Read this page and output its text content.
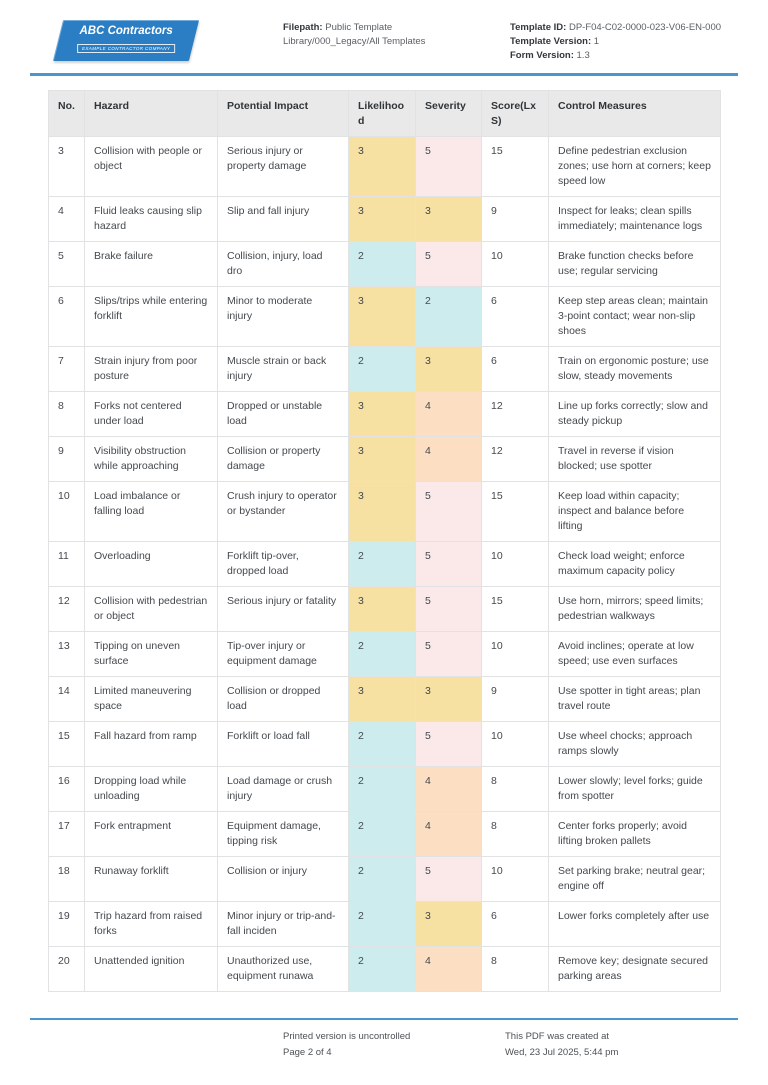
ABC Contractors
EXAMPLE CONTRACTOR COMPANY
Filepath: Public Template Library/000_Legacy/All Templates
Template ID: DP-F04-C02-0000-023-V06-EN-000
Template Version: 1
Form Version: 1.3
No.	Hazard	Potential Impact	Likelihood	Severity	Score(LxS)	Control Measures
3	Collision with people or object	Serious injury or property damage	3	5	15	Define pedestrian exclusion zones; use horn at corners; keep speed low
4	Fluid leaks causing slip hazard	Slip and fall injury	3	3	9	Inspect for leaks; clean spills immediately; maintenance logs
5	Brake failure	Collision, injury, load dro	2	5	10	Brake function checks before use; regular servicing
6	Slips/trips while entering forklift	Minor to moderate injury	3	2	6	Keep step areas clean; maintain 3-point contact; wear non-slip shoes
7	Strain injury from poor posture	Muscle strain or back injury	2	3	6	Train on ergonomic posture; use slow, steady movements
8	Forks not centered under load	Dropped or unstable load	3	4	12	Line up forks correctly; slow and steady pickup
9	Visibility obstruction while approaching	Collision or property damage	3	4	12	Travel in reverse if vision blocked; use spotter
10	Load imbalance or falling load	Crush injury to operator or bystander	3	5	15	Keep load within capacity; inspect and balance before lifting
11	Overloading	Forklift tip-over, dropped load	2	5	10	Check load weight; enforce maximum capacity policy
12	Collision with pedestrian or object	Serious injury or fatality	3	5	15	Use horn, mirrors; speed limits; pedestrian walkways
13	Tipping on uneven surface	Tip-over injury or equipment damage	2	5	10	Avoid inclines; operate at low speed; use even surfaces
14	Limited maneuvering space	Collision or dropped load	3	3	9	Use spotter in tight areas; plan travel route
15	Fall hazard from ramp	Forklift or load fall	2	5	10	Use wheel chocks; approach ramps slowly
16	Dropping load while unloading	Load damage or crush injury	2	4	8	Lower slowly; level forks; guide from spotter
17	Fork entrapment	Equipment damage, tipping risk	2	4	8	Center forks properly; avoid lifting broken pallets
18	Runaway forklift	Collision or injury	2	5	10	Set parking brake; neutral gear; engine off
19	Trip hazard from raised forks	Minor injury or trip-and-fall inciden	2	3	6	Lower forks completely after use
20	Unattended ignition	Unauthorized use, equipment runawa	2	4	8	Remove key; designate secured parking areas
Printed version is uncontrolled
Page 2 of 4
This PDF was created at
Wed, 23 Jul 2025, 5:44 pm
